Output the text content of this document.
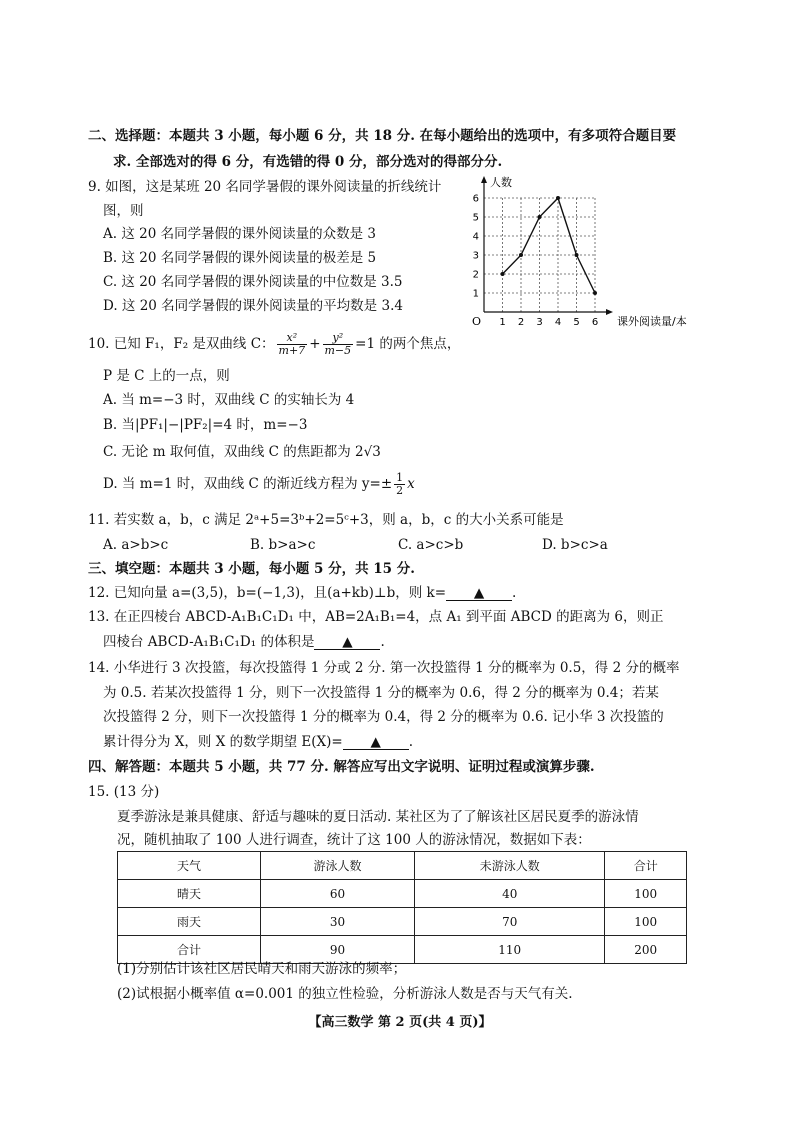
二、选择题：本题共 3 小题，每小题 6 分，共 18 分. 在每小题给出的选项中，有多项符合题目要
求. 全部选对的得 6 分，有选错的得 0 分，部分选对的得部分分.
9. 如图，这是某班 20 名同学暑假的课外阅读量的折线统计
图，则
A. 这 20 名同学暑假的课外阅读量的众数是 3
B. 这 20 名同学暑假的课外阅读量的极差是 5
C. 这 20 名同学暑假的课外阅读量的中位数是 3.5
D. 这 20 名同学暑假的课外阅读量的平均数是 3.4
1 2 3 4 5 6
1
2
3
4
5
6
人数
课外阅读量/本
O
10. 已知 F₁，F₂ 是双曲线 C： $\frac{\text{x²}}{m+7} + \frac{\text{y²}}{m-5} =1$ 的两个焦点，
P 是 C 上的一点，则
A. 当 m=−3 时，双曲线 C 的实轴长为 4
B. 当|PF₁|−|PF₂|=4 时，m=−3
C. 无论 m 取何值，双曲线 C 的焦距都为 2√3
D. 当 m=1 时，双曲线 C 的渐近线方程为 $y=\pm \frac{1}{2}$ x
11. 若实数 a，b，c 满足 2ᵃ+5=3ᵇ+2=5ᶜ+3，则 a，b，c 的大小关系可能是
A. a>b>c	B. b>a>c	C. a>c>b	D. b>c>a
三、填空题：本题共 3 小题，每小题 5 分，共 15 分.
12. 已知向量 a=(3,5)，b=(−1,3)，且(a+kb)⊥b，则 k= ▲ .
13. 在正四棱台 ABCD-A₁B₁C₁D₁ 中，AB=2A₁B₁=4，点 A₁ 到平面 ABCD 的距离为 6，则正
四棱台 ABCD-A₁B₁C₁D₁ 的体积是 ▲ .
14. 小华进行 3 次投篮，每次投篮得 1 分或 2 分. 第一次投篮得 1 分的概率为 0.5，得 2 分的概率
为 0.5. 若某次投篮得 1 分，则下一次投篮得 1 分的概率为 0.6，得 2 分的概率为 0.4；若某
次投篮得 2 分，则下一次投篮得 1 分的概率为 0.4，得 2 分的概率为 0.6. 记小华 3 次投篮的
累计得分为 X，则 X 的数学期望 E(X)= ▲ .
四、解答题：本题共 5 小题，共 77 分. 解答应写出文字说明、证明过程或演算步骤.
15. (13 分)
夏季游泳是兼具健康、舒适与趣味的夏日活动. 某社区为了了解该社区居民夏季的游泳情
况，随机抽取了 100 人进行调查，统计了这 100 人的游泳情况，数据如下表：
天气	游泳人数	未游泳人数	合计
晴天	60	40	100
雨天	30	70	100
合计	90	110	200
(1)分别估计该社区居民晴天和雨天游泳的频率；
(2)试根据小概率值 α=0.001 的独立性检验，分析游泳人数是否与天气有关.
【高三数学 第 2 页(共 4 页)】
